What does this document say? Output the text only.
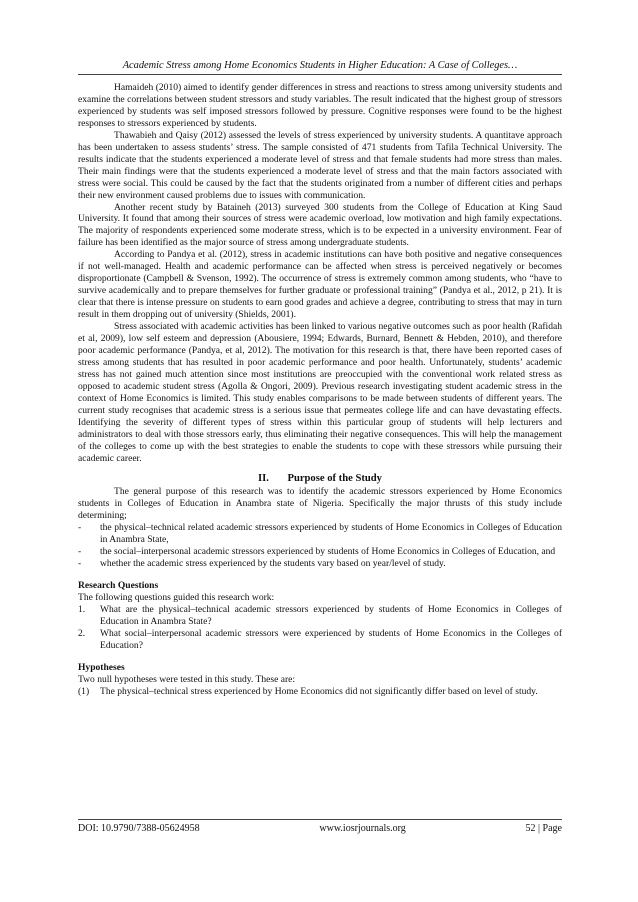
Academic Stress among Home Economics Students in Higher Education: A Case of Colleges…

Hamaideh (2010) aimed to identify gender differences in stress and reactions to stress among university students and examine the correlations between student stressors and study variables. The result indicated that the highest group of stressors experienced by students was self imposed stressors followed by pressure. Cognitive responses were found to be the highest responses to stressors experienced by students.

Thawabieh and Qaisy (2012) assessed the levels of stress experienced by university students. A quantitave approach has been undertaken to assess students’ stress. The sample consisted of 471 students from Tafila Technical University. The results indicate that the students experienced a moderate level of stress and that female students had more stress than males. Their main findings were that the students experienced a moderate level of stress and that the main factors associated with stress were social. This could be caused by the fact that the students originated from a number of different cities and perhaps their new environment caused problems due to issues with communication.

Another recent study by Bataineh (2013) surveyed 300 students from the College of Education at King Saud University. It found that among their sources of stress were academic overload, low motivation and high family expectations. The majority of respondents experienced some moderate stress, which is to be expected in a university environment. Fear of failure has been identified as the major source of stress among undergraduate students.

According to Pandya et al. (2012), stress in academic institutions can have both positive and negative consequences if not well-managed. Health and academic performance can be affected when stress is perceived negatively or becomes disproportionate (Campbell & Svenson, 1992). The occurrence of stress is extremely common among students, who “have to survive academically and to prepare themselves for further graduate or professional training” (Pandya et al., 2012, p 21). It is clear that there is intense pressure on students to earn good grades and achieve a degree, contributing to stress that may in turn result in them dropping out of university (Shields, 2001).

Stress associated with academic activities has been linked to various negative outcomes such as poor health (Rafidah et al, 2009), low self esteem and depression (Abousiere, 1994; Edwards, Burnard, Bennett & Hebden, 2010), and therefore poor academic performance (Pandya, et al, 2012). The motivation for this research is that, there have been reported cases of stress among students that has resulted in poor academic performance and poor health. Unfortunately, students’ academic stress has not gained much attention since most institutions are preoccupied with the conventional work related stress as opposed to academic student stress (Agolla & Ongori, 2009). Previous research investigating student academic stress in the context of Home Economics is limited. This study enables comparisons to be made between students of different years. The current study recognises that academic stress is a serious issue that permeates college life and can have devastating effects. Identifying the severity of different types of stress within this particular group of students will help lecturers and administrators to deal with those stressors early, thus eliminating their negative consequences. This will help the management of the colleges to come up with the best strategies to enable the students to cope with these stressors while pursuing their academic career.

II.       Purpose of the Study

The general purpose of this research was to identify the academic stressors experienced by Home Economics students in Colleges of Education in Anambra state of Nigeria. Specifically the major thrusts of this study include determining;

-	the physical–technical related academic stressors experienced by students of Home Economics in Colleges of Education in Anambra State,
-	the social–interpersonal academic stressors experienced by students of Home Economics in Colleges of Education, and
-	whether the academic stress experienced by the students vary based on year/level of study.

Research Questions

The following questions guided this research work:

1.	What are the physical–technical academic stressors experienced by students of Home Economics in Colleges of Education in Anambra State?
2.	What social–interpersonal academic stressors were experienced by students of Home Economics in the Colleges of Education?

Hypotheses

Two null hypotheses were tested in this study. These are:

(1)	The physical–technical stress experienced by Home Economics did not significantly differ based on level of study.
DOI: 10.9790/7388-05624958	www.iosrjournals.org	52 | Page
